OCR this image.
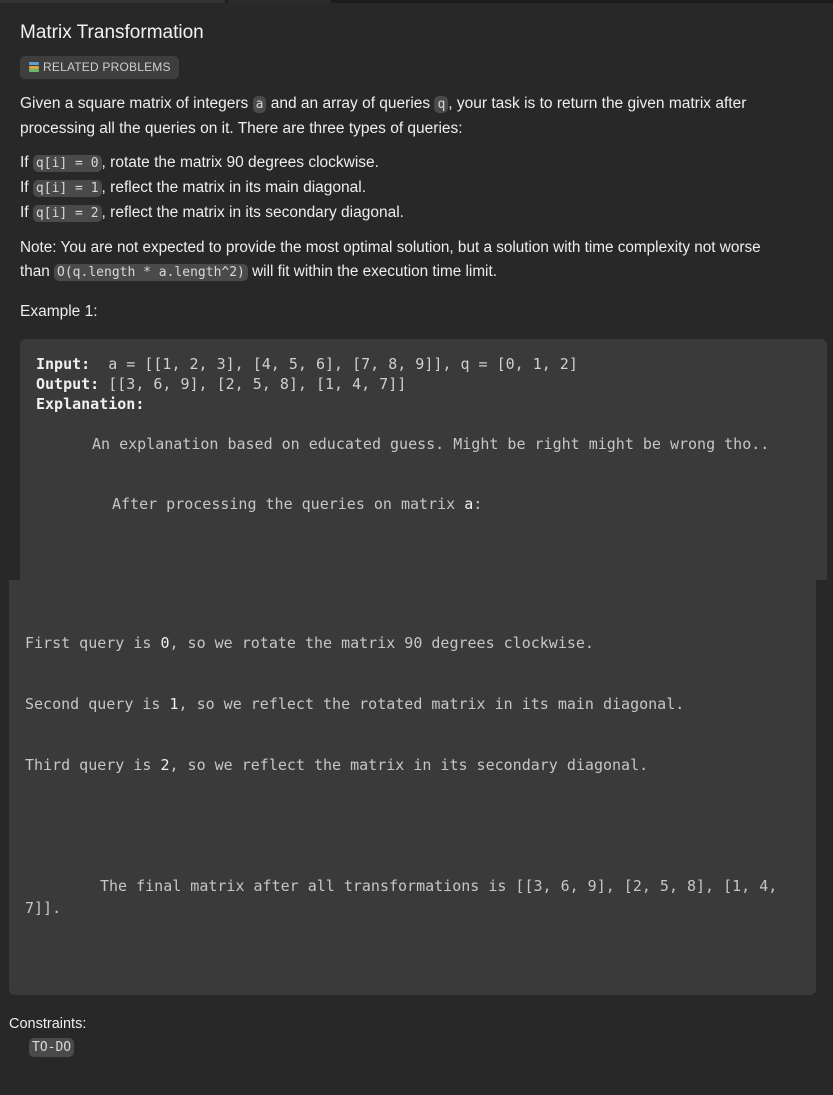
Matrix Transformation
RELATED PROBLEMS
Given a square matrix of integers a and an array of queries q , your task is to return the given matrix after
processing all the queries on it. There are three types of queries:
If q[i] = 0 , rotate the matrix 90 degrees clockwise.
If q[i] = 1 , reflect the matrix in its main diagonal.
If q[i] = 2 , reflect the matrix in its secondary diagonal.
Note: You are not expected to provide the most optimal solution, but a solution with time complexity not worse
than O(q.length * a.length^2) will fit within the execution time limit.
Example 1:
Input:  a = [[1, 2, 3], [4, 5, 6], [7, 8, 9]], q = [0, 1, 2]
Output: [[3, 6, 9], [2, 5, 8], [1, 4, 7]]
Explanation:
An explanation based on educated guess. Might be right might be wrong tho..
After processing the queries on matrix a:
First query is 0, so we rotate the matrix 90 degrees clockwise.
Second query is 1, so we reflect the rotated matrix in its main diagonal.
Third query is 2, so we reflect the matrix in its secondary diagonal.
The final matrix after all transformations is [[3, 6, 9], [2, 5, 8], [1, 4,
7]].
Constraints:
TO-DO
